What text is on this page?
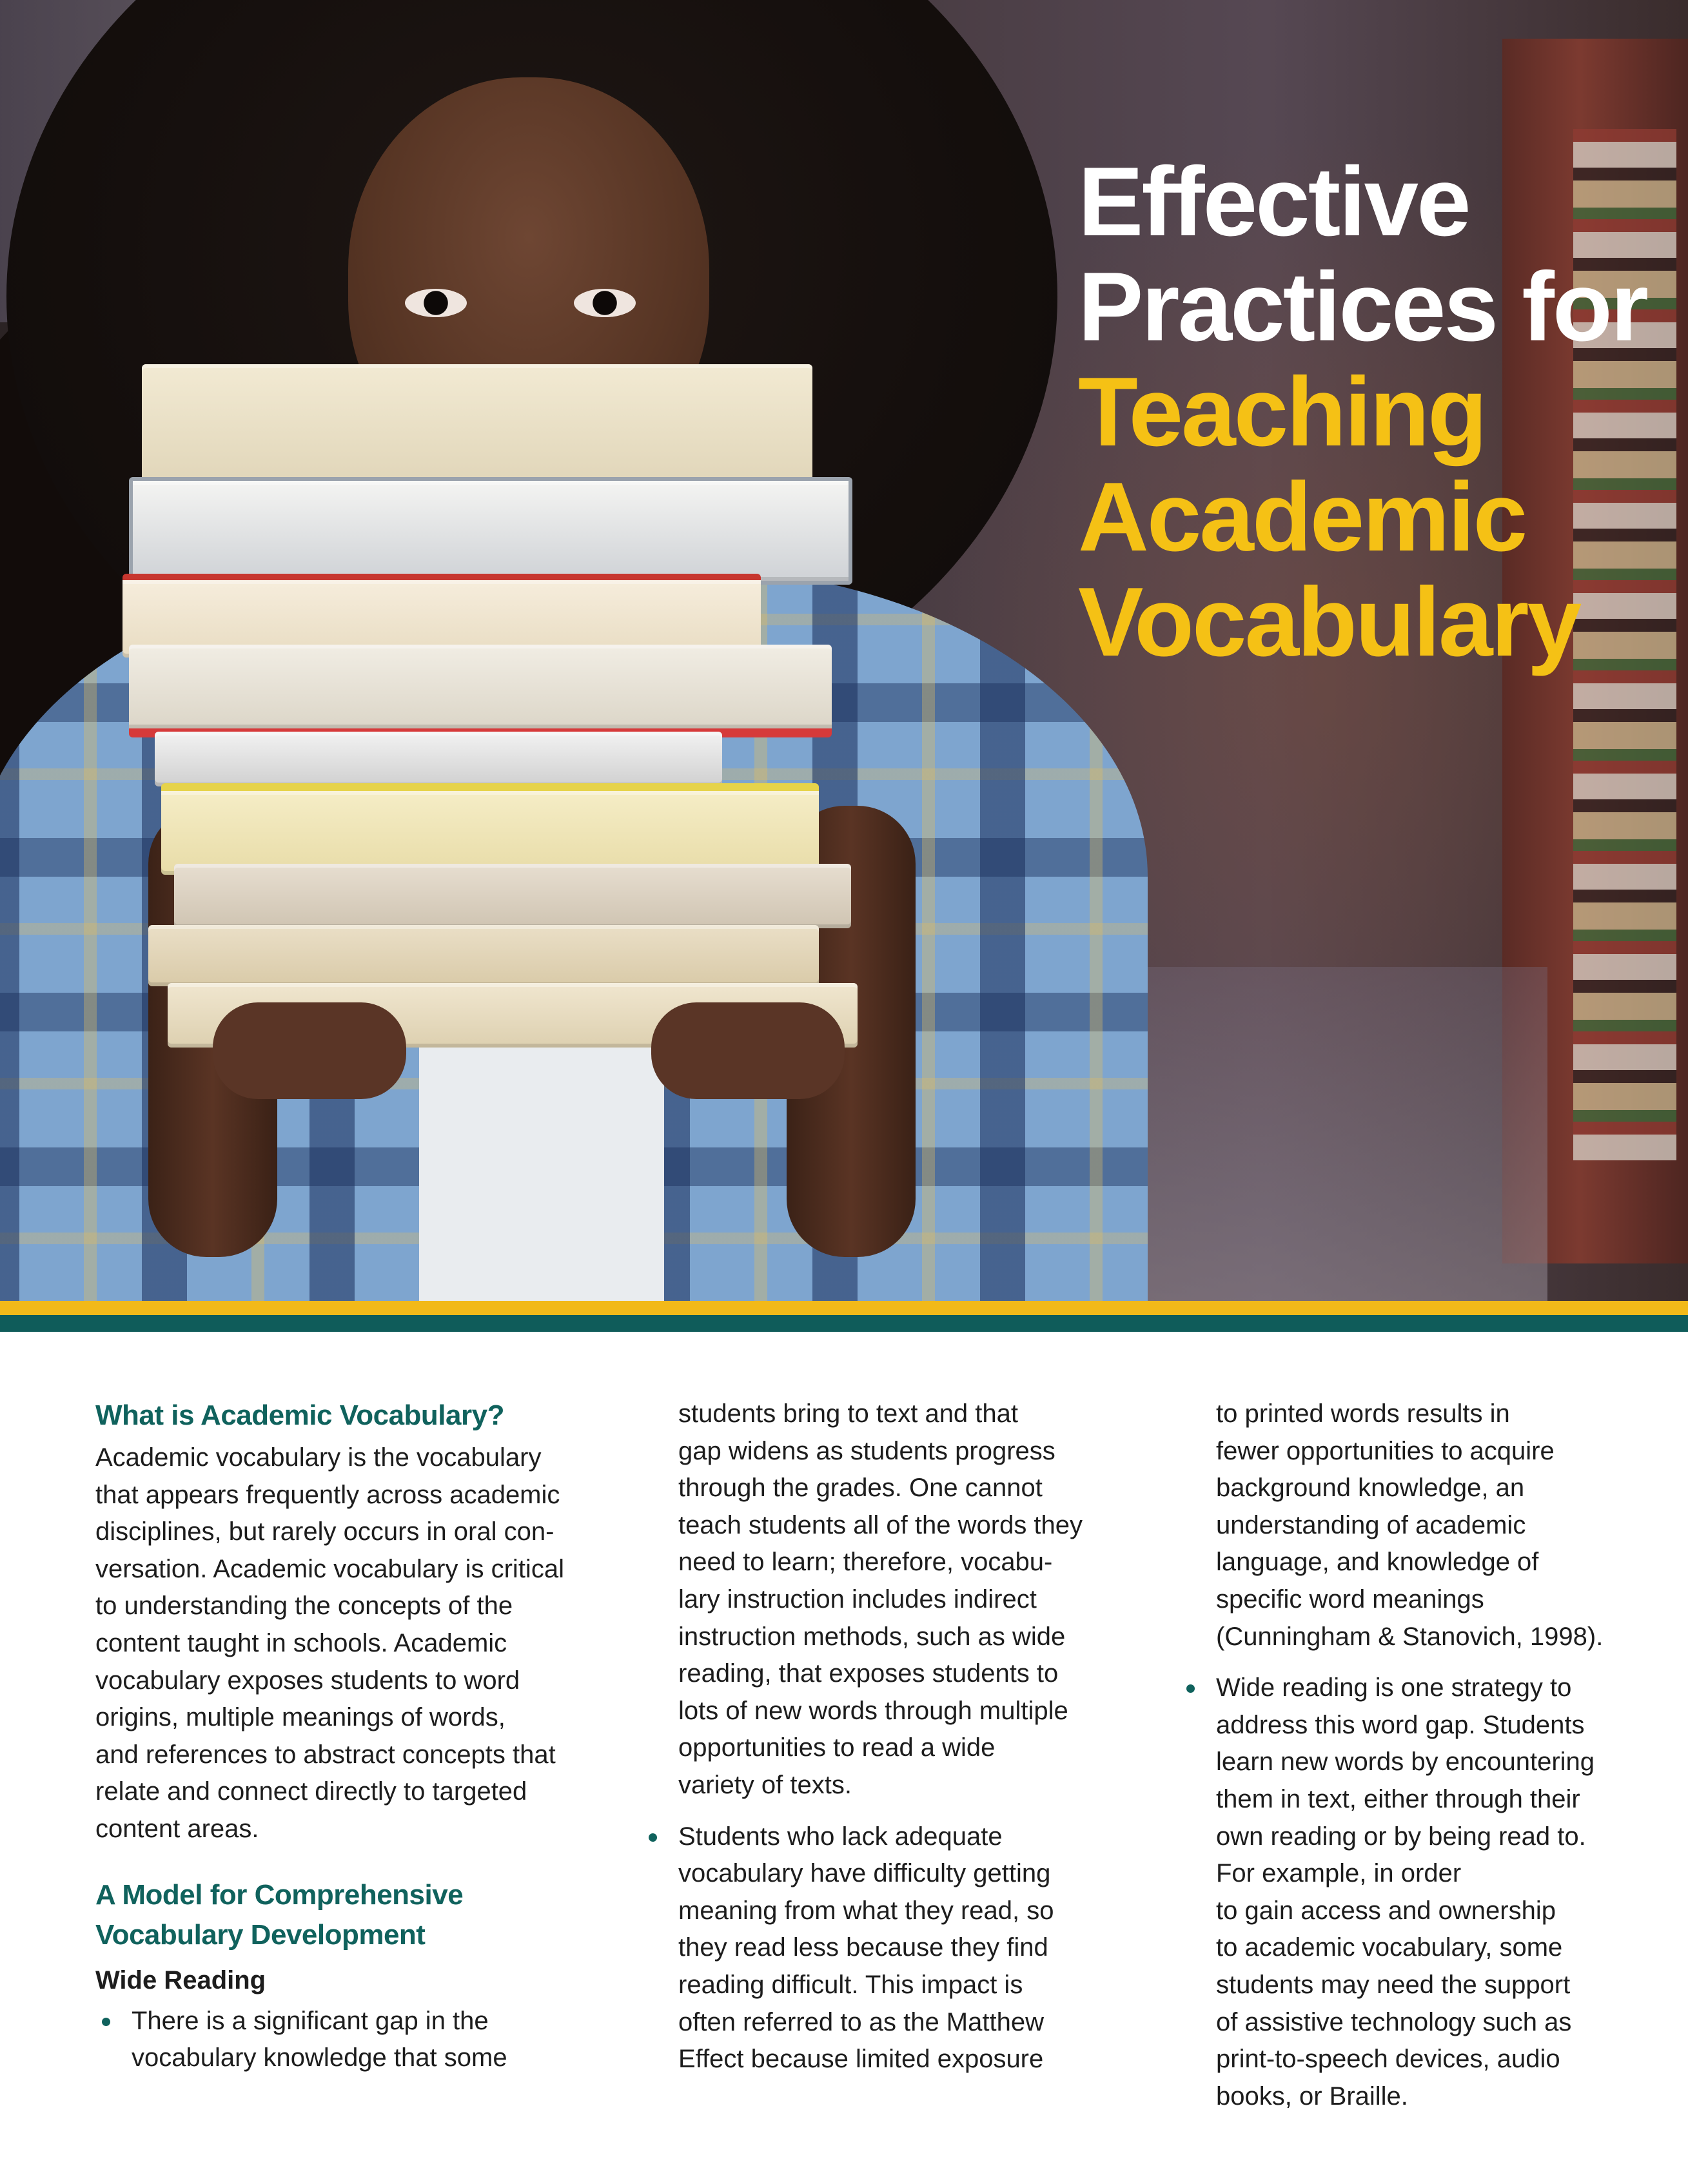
Effective
Practices for
Teaching
Academic
Vocabulary
What is Academic Vocabulary?
Academic vocabulary is the vocabulary
that appears frequently across academic
disciplines, but rarely occurs in oral con-
versation. Academic vocabulary is critical
to understanding the concepts of the
content taught in schools. Academic
vocabulary exposes students to word
origins, multiple meanings of words,
and references to abstract concepts that
relate and connect directly to targeted
content areas.
A Model for Comprehensive
Vocabulary Development
Wide Reading
There is a significant gap in the
vocabulary knowledge that some
students bring to text and that
gap widens as students progress
through the grades. One cannot
teach students all of the words they
need to learn; therefore, vocabu-
lary instruction includes indirect
instruction methods, such as wide
reading, that exposes students to
lots of new words through multiple
opportunities to read a wide
variety of texts.
Students who lack adequate
vocabulary have difficulty getting
meaning from what they read, so
they read less because they find
reading difficult. This impact is
often referred to as the Matthew
Effect because limited exposure
to printed words results in
fewer opportunities to acquire
background knowledge, an
understanding of academic
language, and knowledge of
specific word meanings
(Cunningham & Stanovich, 1998).
Wide reading is one strategy to
address this word gap. Students
learn new words by encountering
them in text, either through their
own reading or by being read to.
For example, in order
to gain access and ownership
to academic vocabulary, some
students may need the support
of assistive technology such as
print-to-speech devices, audio
books, or Braille.
